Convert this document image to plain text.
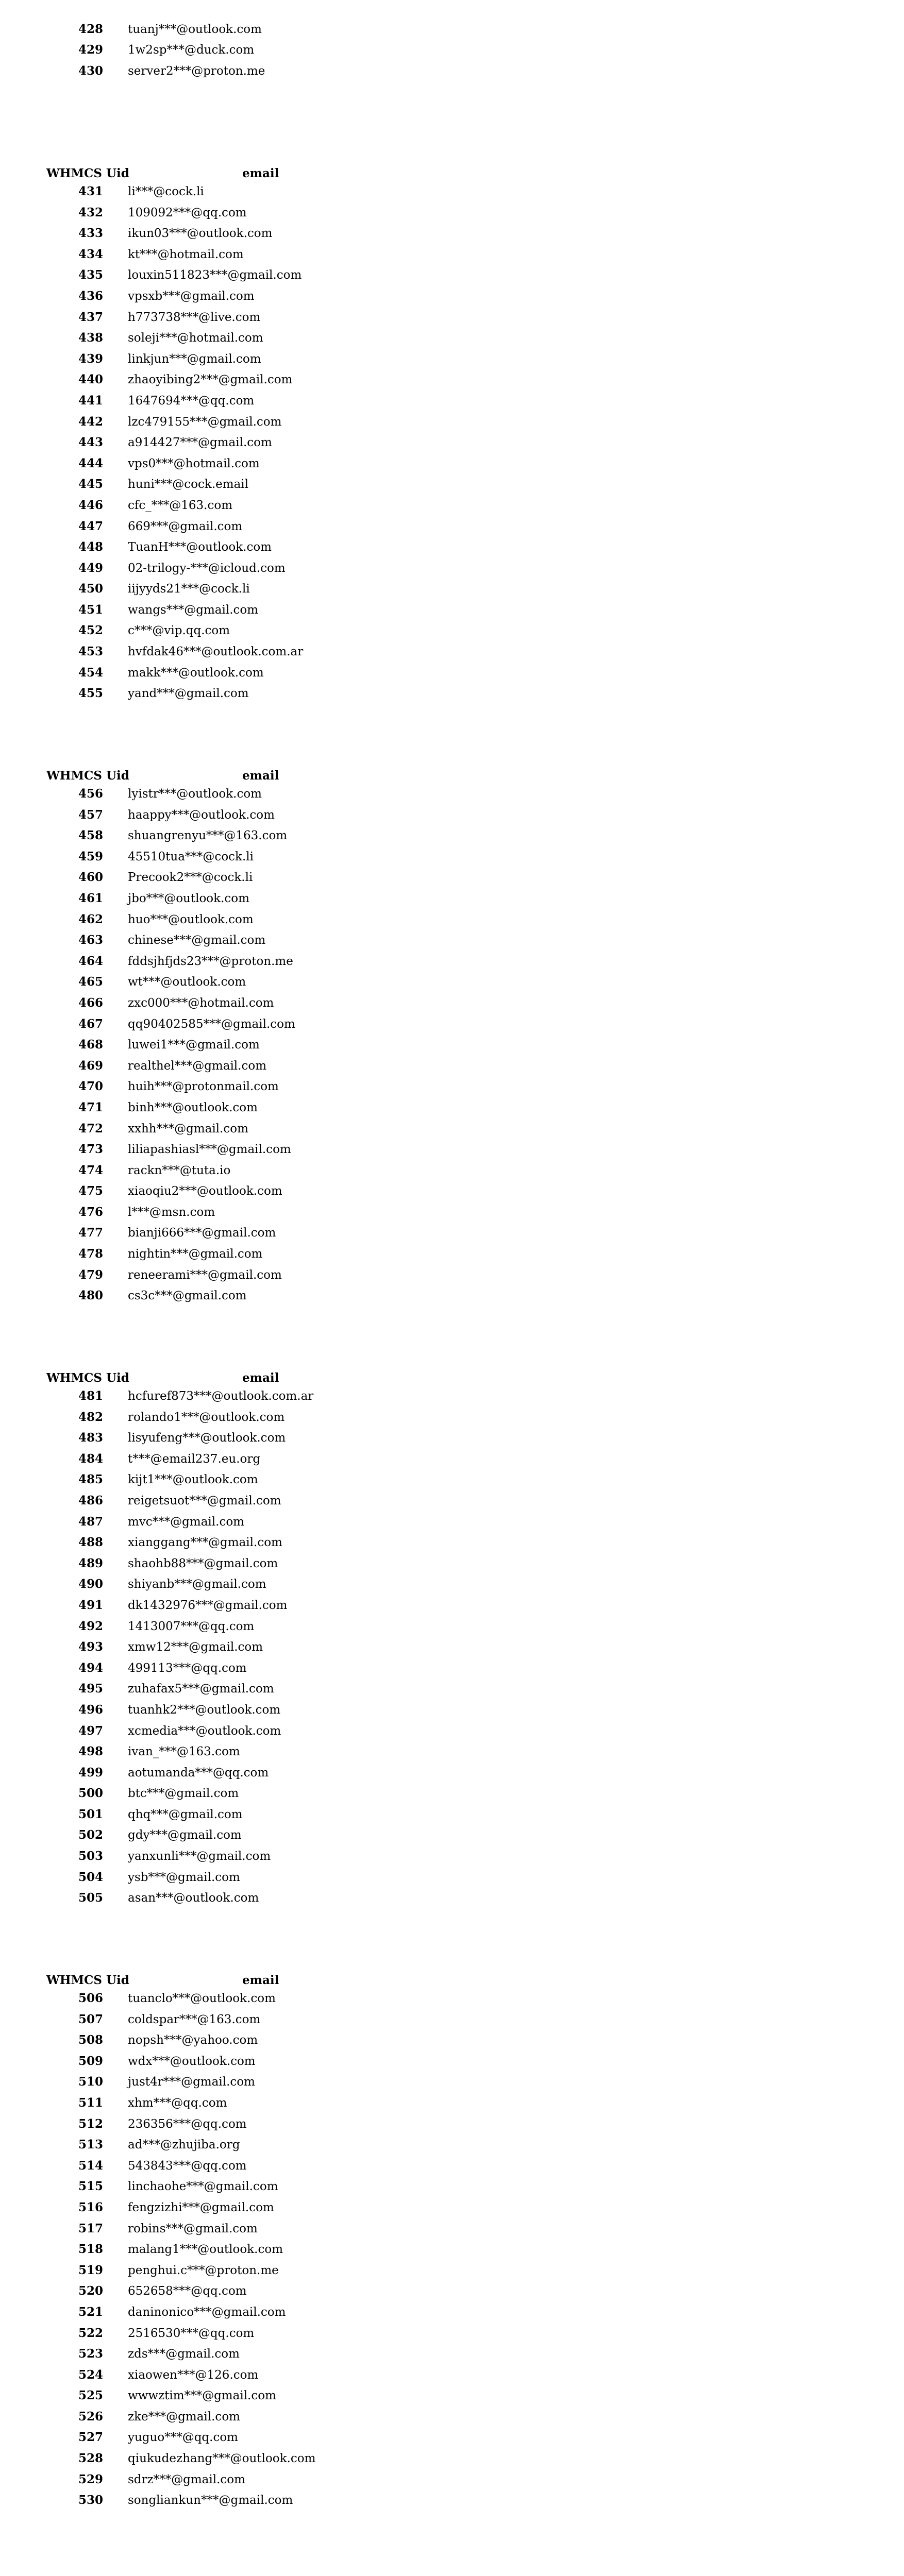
428 tuanj***@outlook.com
429 1w2sp***@duck.com
430 server2***@proton.me
WHMCS Uid	email
431 li***@cock.li
432 109092***@qq.com
433 ikun03***@outlook.com
434 kt***@hotmail.com
435 louxin511823***@gmail.com
436 vpsxb***@gmail.com
437 h773738***@live.com
438 soleji***@hotmail.com
439 linkjun***@gmail.com
440 zhaoyibing2***@gmail.com
441 1647694***@qq.com
442 lzc479155***@gmail.com
443 a914427***@gmail.com
444 vps0***@hotmail.com
445 huni***@cock.email
446 cfc_***@163.com
447 669***@gmail.com
448 TuanH***@outlook.com
449 02-trilogy-***@icloud.com
450 iijyyds21***@cock.li
451 wangs***@gmail.com
452 c***@vip.qq.com
453 hvfdak46***@outlook.com.ar
454 makk***@outlook.com
455 yand***@gmail.com
WHMCS Uid	email
456 lyistr***@outlook.com
457 haappy***@outlook.com
458 shuangrenyu***@163.com
459 45510tua***@cock.li
460 Precook2***@cock.li
461 jbo***@outlook.com
462 huo***@outlook.com
463 chinese***@gmail.com
464 fddsjhfjds23***@proton.me
465 wt***@outlook.com
466 zxc000***@hotmail.com
467 qq90402585***@gmail.com
468 luwei1***@gmail.com
469 realthel***@gmail.com
470 huih***@protonmail.com
471 binh***@outlook.com
472 xxhh***@gmail.com
473 liliapashiasl***@gmail.com
474 rackn***@tuta.io
475 xiaoqiu2***@outlook.com
476 l***@msn.com
477 bianji666***@gmail.com
478 nightin***@gmail.com
479 reneerami***@gmail.com
480 cs3c***@gmail.com
WHMCS Uid	email
481 hcfuref873***@outlook.com.ar
482 rolando1***@outlook.com
483 lisyufeng***@outlook.com
484 t***@email237.eu.org
485 kijt1***@outlook.com
486 reigetsuot***@gmail.com
487 mvc***@gmail.com
488 xianggang***@gmail.com
489 shaohb88***@gmail.com
490 shiyanb***@gmail.com
491 dk1432976***@gmail.com
492 1413007***@qq.com
493 xmw12***@gmail.com
494 499113***@qq.com
495 zuhafax5***@gmail.com
496 tuanhk2***@outlook.com
497 xcmedia***@outlook.com
498 ivan_***@163.com
499 aotumanda***@qq.com
500 btc***@gmail.com
501 qhq***@gmail.com
502 gdy***@gmail.com
503 yanxunli***@gmail.com
504 ysb***@gmail.com
505 asan***@outlook.com
WHMCS Uid	email
506 tuanclo***@outlook.com
507 coldspar***@163.com
508 nopsh***@yahoo.com
509 wdx***@outlook.com
510 just4r***@gmail.com
511 xhm***@qq.com
512 236356***@qq.com
513 ad***@zhujiba.org
514 543843***@qq.com
515 linchaohe***@gmail.com
516 fengzizhi***@gmail.com
517 robins***@gmail.com
518 malang1***@outlook.com
519 penghui.c***@proton.me
520 652658***@qq.com
521 daninonico***@gmail.com
522 2516530***@qq.com
523 zds***@gmail.com
524 xiaowen***@126.com
525 wwwztim***@gmail.com
526 zke***@gmail.com
527 yuguo***@qq.com
528 qiukudezhang***@outlook.com
529 sdrz***@gmail.com
530 songliankun***@gmail.com
